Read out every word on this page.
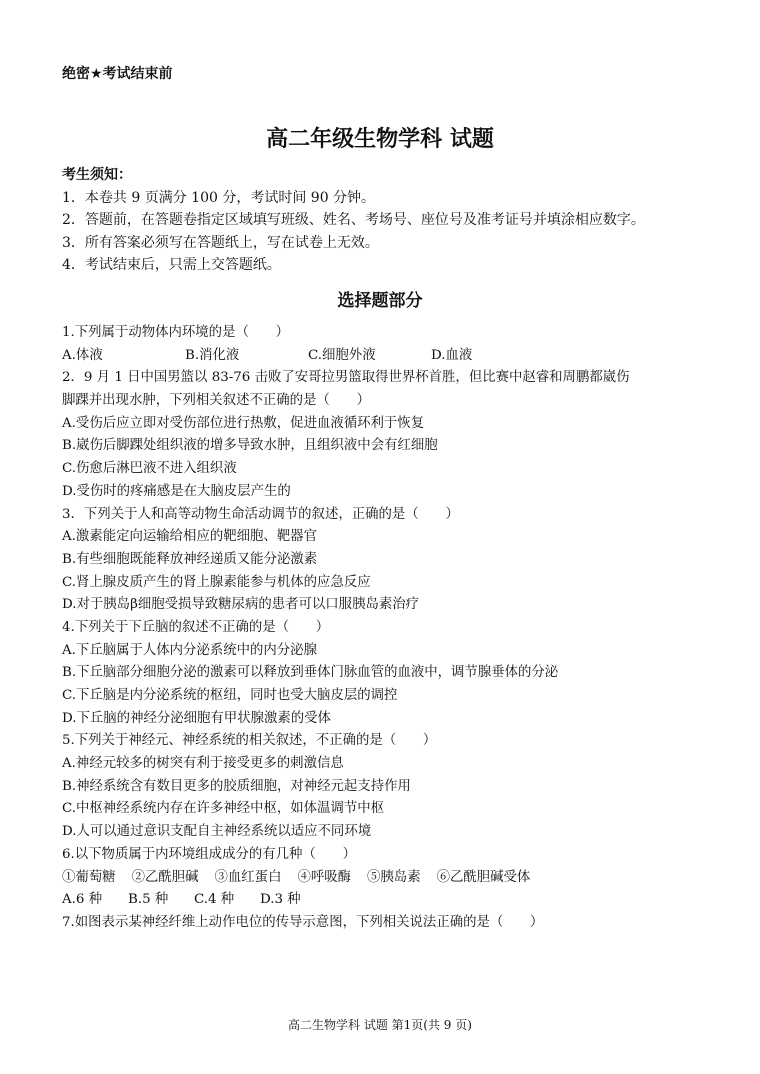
绝密★考试结束前
高二年级生物学科 试题
考生须知：
1．本卷共 9 页满分 100 分，考试时间 90 分钟。
2．答题前，在答题卷指定区域填写班级、姓名、考场号、座位号及准考证号并填涂相应数字。
3．所有答案必须写在答题纸上，写在试卷上无效。
4．考试结束后，只需上交答题纸。
选择题部分
1.下列属于动物体内环境的是（　　）
A.体液	B.消化液	C.细胞外液	D.血液
2．9 月 1 日中国男篮以 83-76 击败了安哥拉男篮取得世界杯首胜，但比赛中赵睿和周鹏都崴伤
脚踝并出现水肿，下列相关叙述不正确的是（　　）
A.受伤后应立即对受伤部位进行热敷，促进血液循环利于恢复
B.崴伤后脚踝处组织液的增多导致水肿，且组织液中会有红细胞
C.伤愈后淋巴液不进入组织液
D.受伤时的疼痛感是在大脑皮层产生的
3．下列关于人和高等动物生命活动调节的叙述，正确的是（　　）
A.激素能定向运输给相应的靶细胞、靶器官
B.有些细胞既能释放神经递质又能分泌激素
C.肾上腺皮质产生的肾上腺素能参与机体的应急反应
D.对于胰岛β细胞受损导致糖尿病的患者可以口服胰岛素治疗
4.下列关于下丘脑的叙述不正确的是（　　）
A.下丘脑属于人体内分泌系统中的内分泌腺
B.下丘脑部分细胞分泌的激素可以释放到垂体门脉血管的血液中，调节腺垂体的分泌
C.下丘脑是内分泌系统的枢纽，同时也受大脑皮层的调控
D.下丘脑的神经分泌细胞有甲状腺激素的受体
5.下列关于神经元、神经系统的相关叙述，不正确的是（　　）
A.神经元较多的树突有利于接受更多的刺激信息
B.神经系统含有数目更多的胶质细胞，对神经元起支持作用
C.中枢神经系统内存在许多神经中枢，如体温调节中枢
D.人可以通过意识支配自主神经系统以适应不同环境
6.以下物质属于内环境组成成分的有几种（　　）
①葡萄糖 ②乙酰胆碱 ③血红蛋白 ④呼吸酶 ⑤胰岛素 ⑥乙酰胆碱受体
A.6 种	B.5 种	C.4 种	D.3 种
7.如图表示某神经纤维上动作电位的传导示意图，下列相关说法正确的是（　　）
高二生物学科 试题 第1页(共 9 页)
